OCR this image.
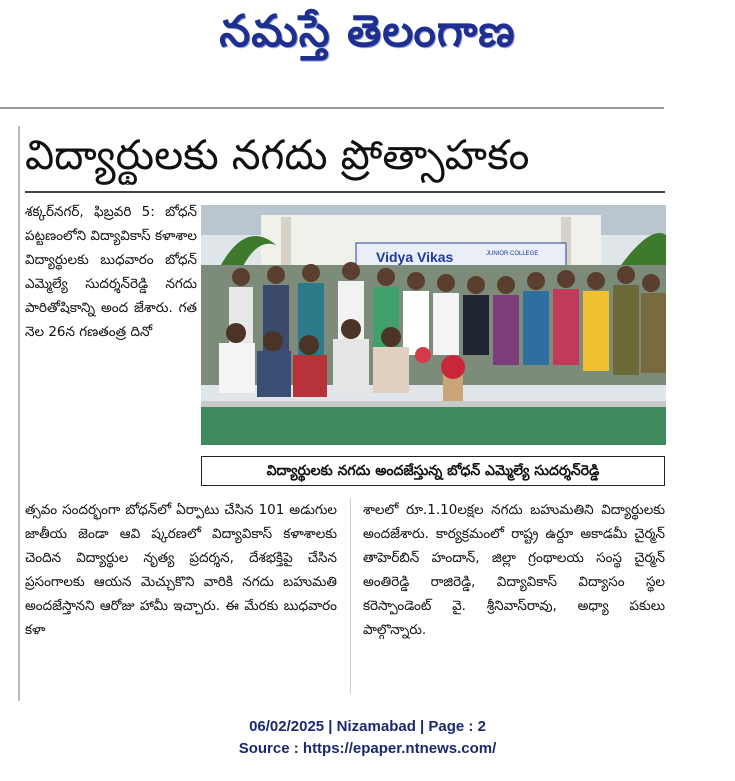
నమస్తే తెలంగాణ
విద్యార్థులకు నగదు ప్రోత్సాహకం

శక్కర్‌నగర్, ఫిబ్రవరి 5: బోధన్ పట్టణంలోని విద్యావికాస్ కళాశాల విద్యార్థులకు బుధవారం బోధన్ ఎమ్మెల్యే సుదర్శన్‌రెడ్డి నగదు పారితోషికాన్ని అంద జేశారు. గత నెల 26న గణతంత్ర దినో

Vidya Vikas	JUNIOR COLLEGE
విద్యార్థులకు నగదు అందజేస్తున్న బోధన్ ఎమ్మెల్యే సుదర్శన్‌రెడ్డి

త్సవం సందర్భంగా బోధన్‌లో ఏర్పాటు చేసిన 101 అడుగుల జాతీయ జెండా ఆవి ష్కరణలో విద్యావికాస్ కళాశాలకు చెందిన విద్యార్థుల నృత్య ప్రదర్శన, దేశభక్తిపై చేసిన ప్రసంగాలకు ఆయన మెచ్చుకొని వారికి నగదు బహుమతి అందజేస్తానని ఆరోజు హామీ ఇచ్చారు. ఈ మేరకు బుధవారం కళా

శాలలో రూ.1.10లక్షల నగదు బహుమతిని విద్యార్థులకు అందజేశారు. కార్యక్రమంలో రాష్ట్ర ఉర్దూ అకాడమీ చైర్మన్ తాహెర్‌బిన్ హందాన్, జిల్లా గ్రంథాలయ సంస్థ చైర్మన్ అంతిరెడ్డి రాజిరెడ్డి, విద్యావికాస్ విద్యాసం స్థల కరెస్పాండెంట్ వై. శ్రీనివాస్‌రావు, అధ్యా పకులు పాల్గొన్నారు.

06/02/2025 | Nizamabad | Page : 2
Source : https://epaper.ntnews.com/
